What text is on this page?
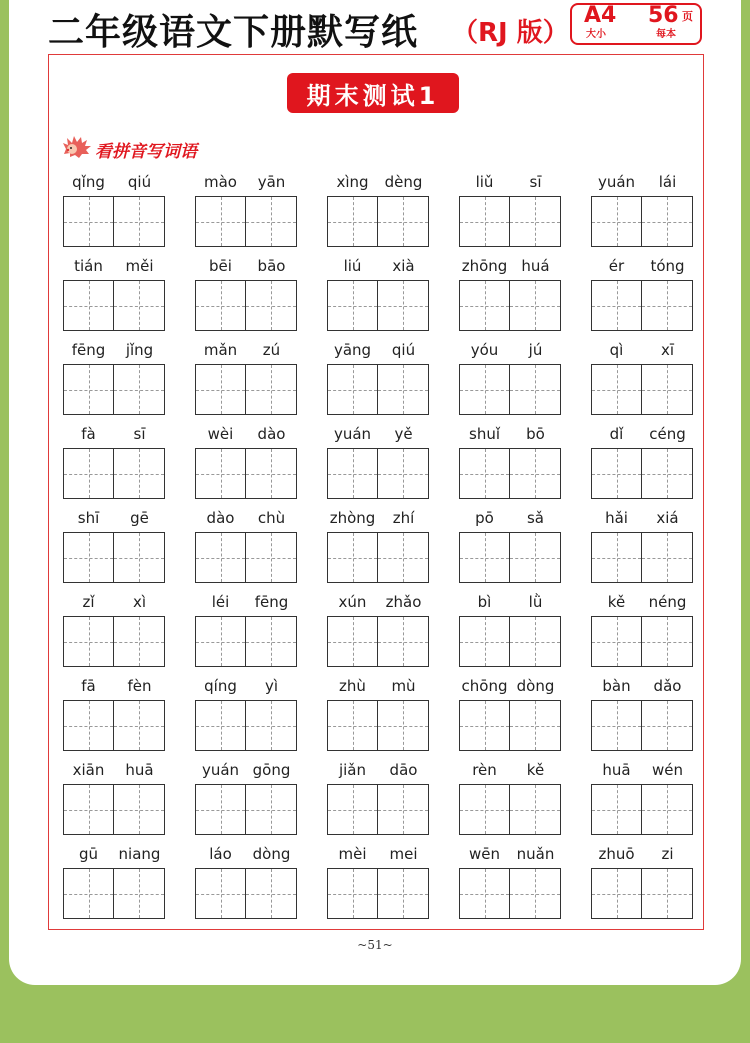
二年级语文下册默写纸 （RJ 版）
A4
大小
56 页
每本
期末测试1
看拼音写词语
qǐng	qiú	mào	yān	xìng	dèng	liǔ	sī	yuán	lái
tián	měi	bēi	bāo	liú	xià	zhōng huá	ér	tóng
fēng	jǐng	mǎn	zú	yāng	qiú	yóu	jú	qì	xī
fà	sī	wèi	dào	yuán	yě	shuǐ	bō	dǐ	céng
shī	gē	dào	chù	zhòng	zhí	pō	sǎ	hǎi	xiá
zǐ	xì	léi	fēng	xún	zhǎo	bì	lǜ	kě	néng
fā	fèn	qíng	yì	zhù	mù	chōng dòng	bàn	dǎo
xiān	huā	yuán gōng	jiǎn	dāo	rèn	kě	huā	wén
gū	niang	láo	dòng	mèi	mei	wēn	nuǎn	zhuō	zi
~51~
